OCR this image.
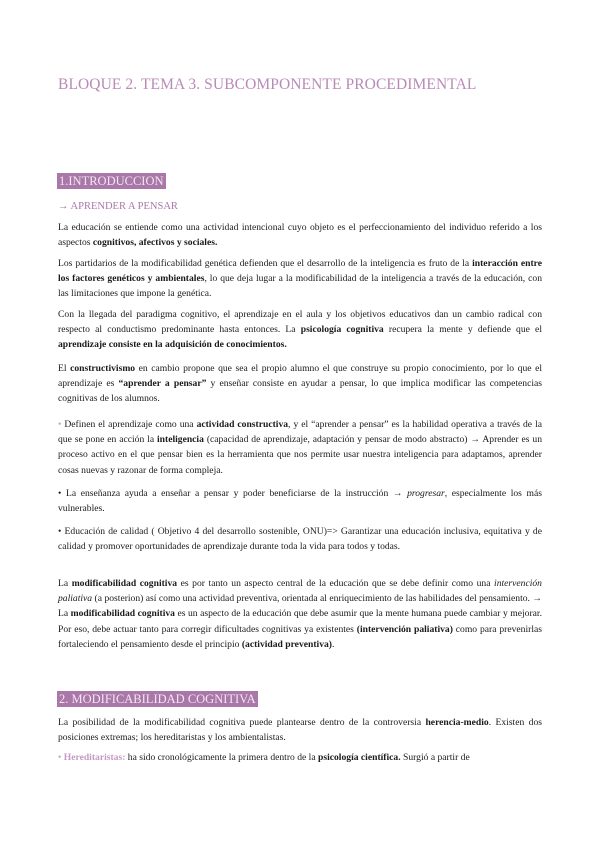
BLOQUE 2. TEMA 3. SUBCOMPONENTE PROCEDIMENTAL
1.INTRODUCCION
→ APRENDER A PENSAR

La educación se entiende como una actividad intencional cuyo objeto es el perfeccionamiento del individuo referido a los aspectos cognitivos, afectivos y sociales.

Los partidarios de la modificabilidad genética defienden que el desarrollo de la inteligencia es fruto de la interacción entre los factores genéticos y ambientales, lo que deja lugar a la modificabilidad de la inteligencia a través de la educación, con las limitaciones que impone la genética.

Con la llegada del paradigma cognitivo, el aprendizaje en el aula y los objetivos educativos dan un cambio radical con respecto al conductismo predominante hasta entonces. La psicología cognitiva recupera la mente y defiende que el aprendizaje consiste en la adquisición de conocimientos.

El constructivismo en cambio propone que sea el propio alumno el que construye su propio conocimiento, por lo que el aprendizaje es “aprender a pensar” y enseñar consiste en ayudar a pensar, lo que implica modificar las competencias cognitivas de los alumnos.

• Definen el aprendizaje como una actividad constructiva, y el “aprender a pensar” es la habilidad operativa a través de la que se pone en acción la inteligencia (capacidad de aprendizaje, adaptación y pensar de modo abstracto) → Aprender es un proceso activo en el que pensar bien es la herramienta que nos permite usar nuestra inteligencia para adaptamos, aprender cosas nuevas y razonar de forma compleja.

• La enseñanza ayuda a enseñar a pensar y poder beneficiarse de la instrucción → progresar, especialmente los más vulnerables.

• Educación de calidad ( Objetivo 4 del desarrollo sostenible, ONU)=> Garantizar una educación inclusiva, equitativa y de calidad y promover oportunidades de aprendizaje durante toda la vida para todos y todas.

La modificabilidad cognitiva es por tanto un aspecto central de la educación que se debe definir como una intervención paliativa (a posterion) así como una actividad preventiva, orientada al enriquecimiento de las habilidades del pensamiento. → La modificabilidad cognitiva es un aspecto de la educación que debe asumir que la mente humana puede cambiar y mejorar. Por eso, debe actuar tanto para corregir dificultades cognitivas ya existentes (intervención paliativa) como para prevenirlas fortaleciendo el pensamiento desde el principio (actividad preventiva).

2. MODIFICABILIDAD COGNITIVA

La posibilidad de la modificabilidad cognitiva puede plantearse dentro de la controversia herencia-medio. Existen dos posiciones extremas; los hereditaristas y los ambientalistas.

• Hereditaristas: ha sido cronológicamente la primera dentro de la psicología científica. Surgió a partir de
